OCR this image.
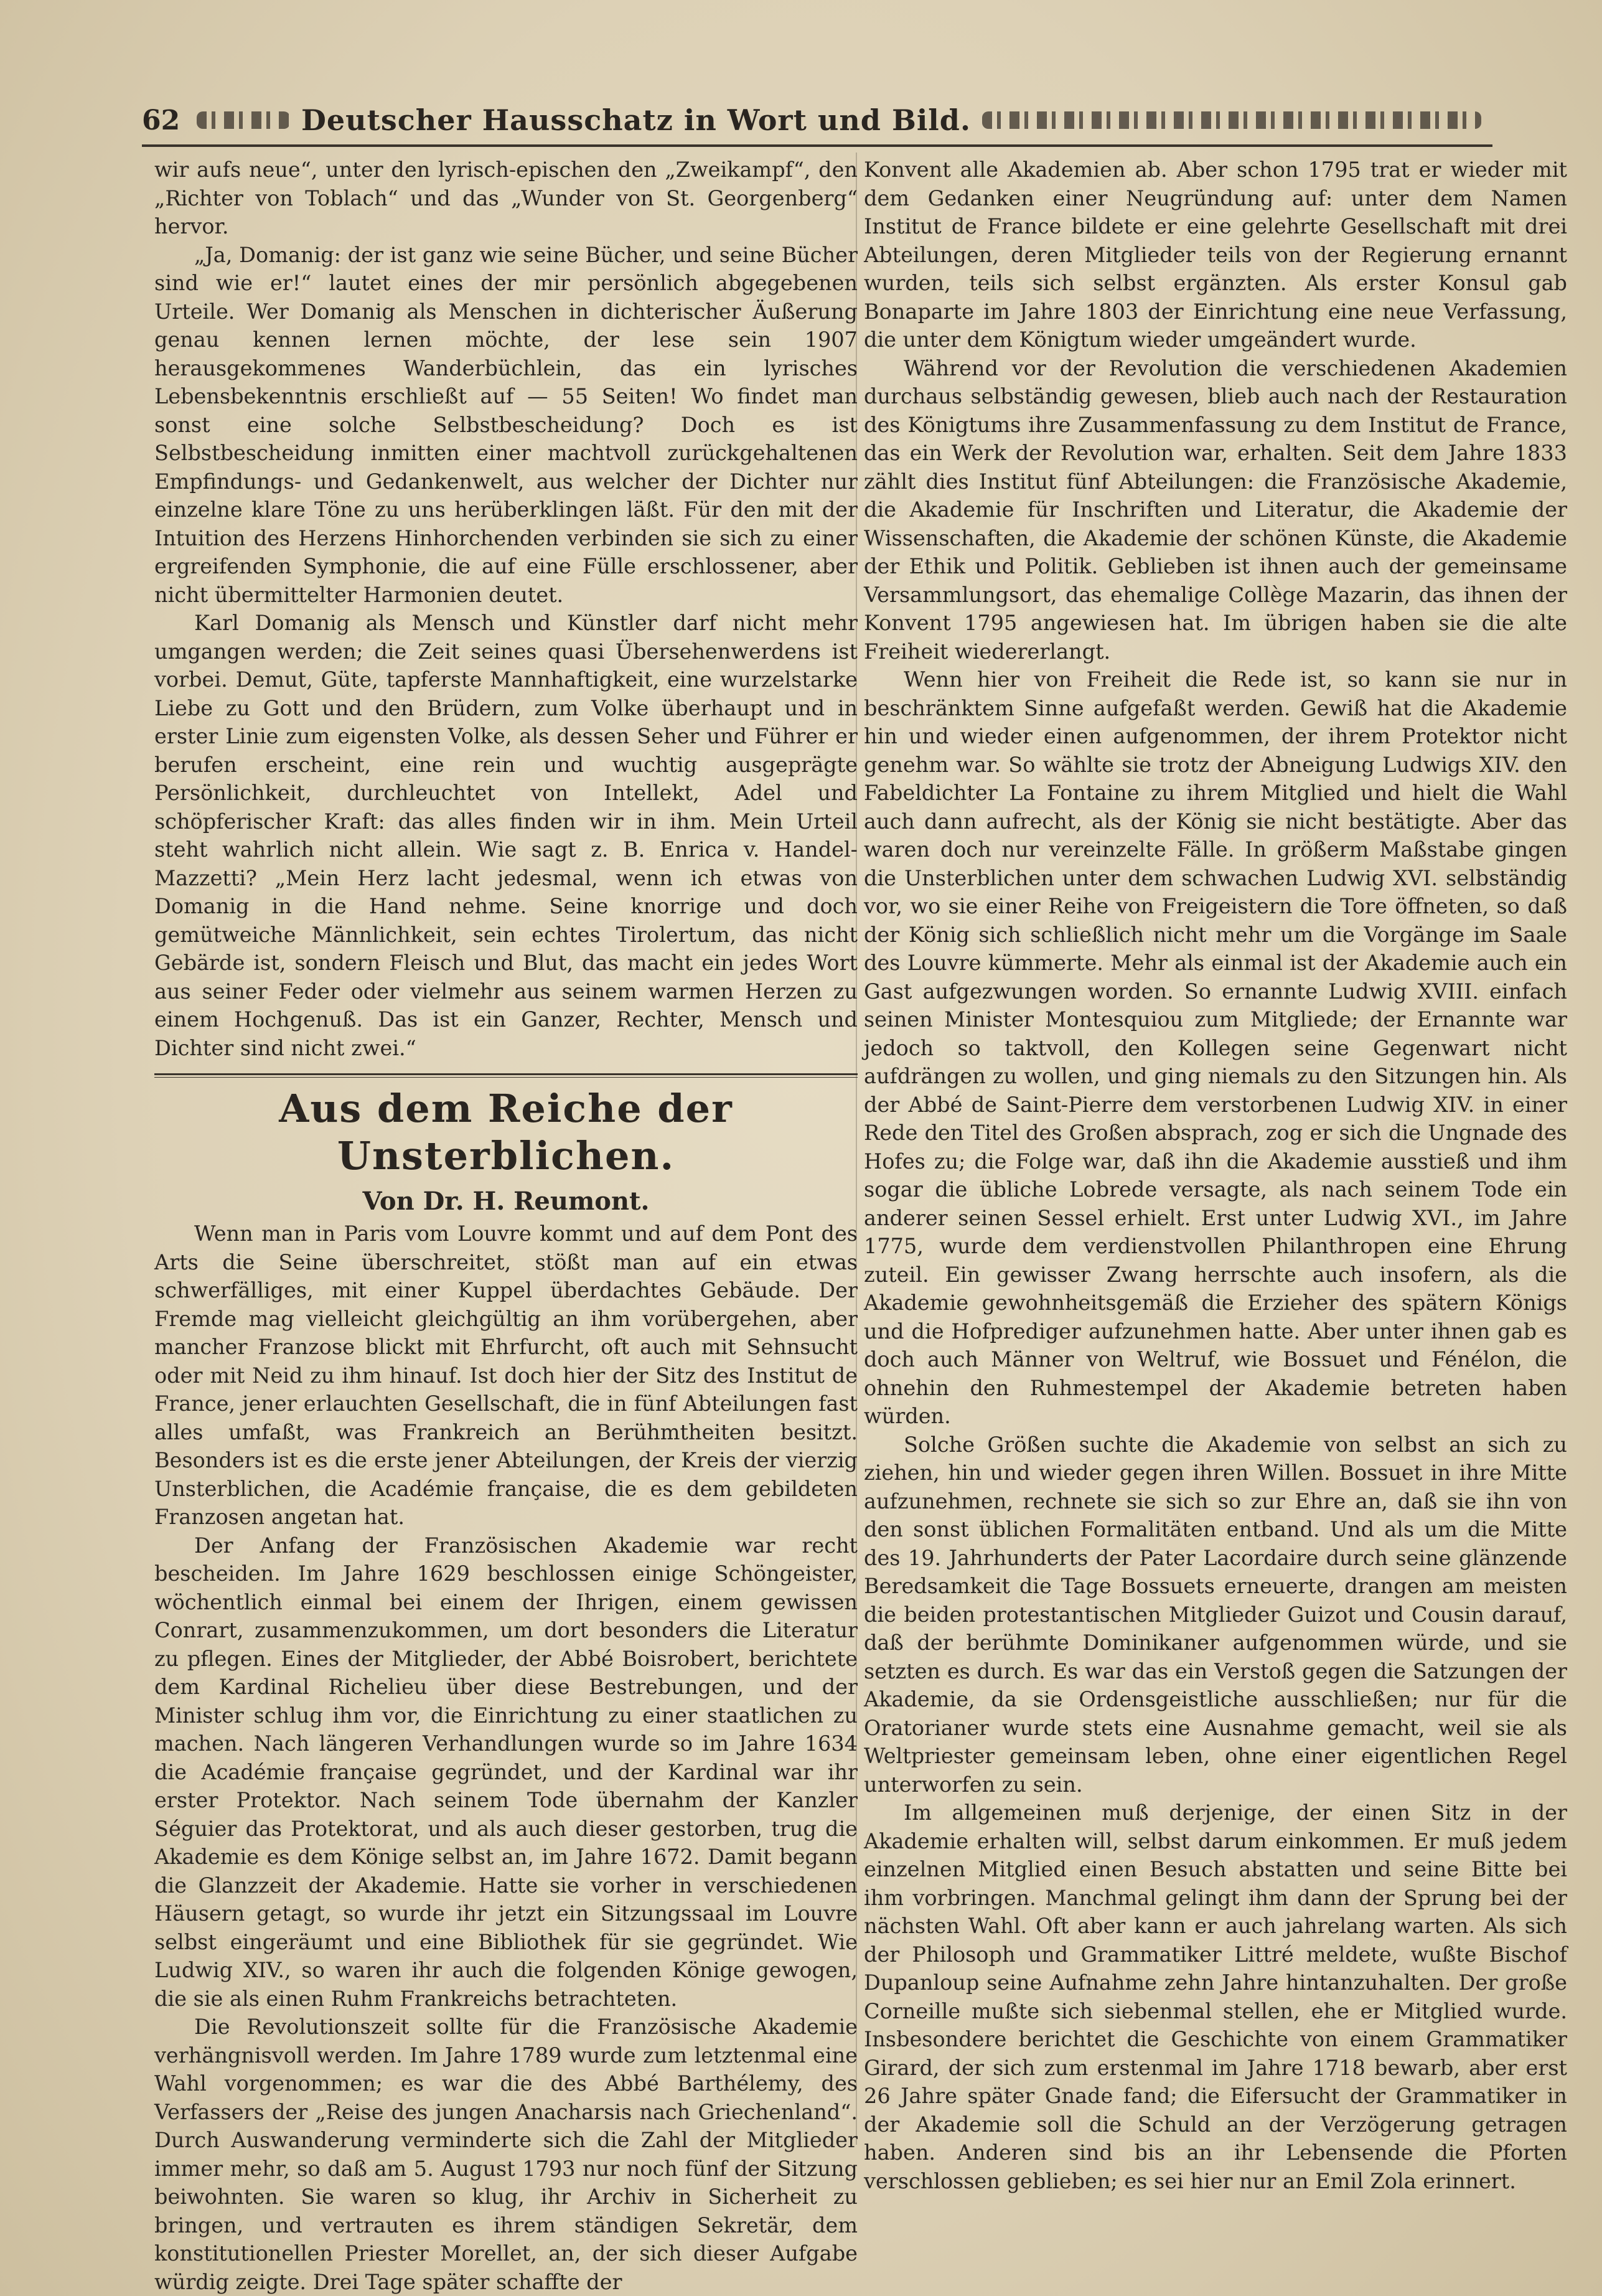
62	Deutscher Hausschatz in Wort und Bild.

wir aufs neue“, unter den lyrisch-epischen den „Zweikampf“, den „Richter von Toblach“ und das „Wunder von St. Georgenberg“ hervor.

„Ja, Domanig: der ist ganz wie seine Bücher, und seine Bücher sind wie er!“ lautet eines der mir persönlich abgegebenen Urteile. Wer Domanig als Menschen in dichterischer Äußerung genau kennen lernen möchte, der lese sein 1907 herausgekommenes Wanderbüchlein, das ein lyrisches Lebensbekenntnis erschließt auf — 55 Seiten! Wo findet man sonst eine solche Selbstbescheidung? Doch es ist Selbstbescheidung inmitten einer machtvoll zurückgehaltenen Empfindungs- und Gedankenwelt, aus welcher der Dichter nur einzelne klare Töne zu uns herüberklingen läßt. Für den mit der Intuition des Herzens Hinhorchenden verbinden sie sich zu einer ergreifenden Symphonie, die auf eine Fülle erschlossener, aber nicht übermittelter Harmonien deutet.

Karl Domanig als Mensch und Künstler darf nicht mehr umgangen werden; die Zeit seines quasi Übersehenwerdens ist vorbei. Demut, Güte, tapferste Mannhaftigkeit, eine wurzelstarke Liebe zu Gott und den Brüdern, zum Volke überhaupt und in erster Linie zum eigensten Volke, als dessen Seher und Führer er berufen erscheint, eine rein und wuchtig ausgeprägte Persönlichkeit, durchleuchtet von Intellekt, Adel und schöpferischer Kraft: das alles finden wir in ihm. Mein Urteil steht wahrlich nicht allein. Wie sagt z. B. Enrica v. Handel-Mazzetti? „Mein Herz lacht jedesmal, wenn ich etwas von Domanig in die Hand nehme. Seine knorrige und doch gemütweiche Männlichkeit, sein echtes Tirolertum, das nicht Gebärde ist, sondern Fleisch und Blut, das macht ein jedes Wort aus seiner Feder oder vielmehr aus seinem warmen Herzen zu einem Hochgenuß. Das ist ein Ganzer, Rechter, Mensch und Dichter sind nicht zwei.“

Aus dem Reiche der Unsterblichen.
Von Dr. H. Reumont.

Wenn man in Paris vom Louvre kommt und auf dem Pont des Arts die Seine überschreitet, stößt man auf ein etwas schwerfälliges, mit einer Kuppel überdachtes Gebäude. Der Fremde mag vielleicht gleichgültig an ihm vorübergehen, aber mancher Franzose blickt mit Ehrfurcht, oft auch mit Sehnsucht oder mit Neid zu ihm hinauf. Ist doch hier der Sitz des Institut de France, jener erlauchten Gesellschaft, die in fünf Abteilungen fast alles umfaßt, was Frankreich an Berühmtheiten besitzt. Besonders ist es die erste jener Abteilungen, der Kreis der vierzig Unsterblichen, die Académie française, die es dem gebildeten Franzosen angetan hat.

Der Anfang der Französischen Akademie war recht bescheiden. Im Jahre 1629 beschlossen einige Schöngeister, wöchentlich einmal bei einem der Ihrigen, einem gewissen Conrart, zusammenzukommen, um dort besonders die Literatur zu pflegen. Eines der Mitglieder, der Abbé Boisrobert, berichtete dem Kardinal Richelieu über diese Bestrebungen, und der Minister schlug ihm vor, die Einrichtung zu einer staatlichen zu machen. Nach längeren Verhandlungen wurde so im Jahre 1634 die Académie française gegründet, und der Kardinal war ihr erster Protektor. Nach seinem Tode übernahm der Kanzler Séguier das Protektorat, und als auch dieser gestorben, trug die Akademie es dem Könige selbst an, im Jahre 1672. Damit begann die Glanzzeit der Akademie. Hatte sie vorher in verschiedenen Häusern getagt, so wurde ihr jetzt ein Sitzungssaal im Louvre selbst eingeräumt und eine Bibliothek für sie gegründet. Wie Ludwig XIV., so waren ihr auch die folgenden Könige gewogen, die sie als einen Ruhm Frankreichs betrachteten.

Die Revolutionszeit sollte für die Französische Akademie verhängnisvoll werden. Im Jahre 1789 wurde zum letztenmal eine Wahl vorgenommen; es war die des Abbé Barthélemy, des Verfassers der „Reise des jungen Anacharsis nach Griechenland“. Durch Auswanderung verminderte sich die Zahl der Mitglieder immer mehr, so daß am 5. August 1793 nur noch fünf der Sitzung beiwohnten. Sie waren so klug, ihr Archiv in Sicherheit zu bringen, und vertrauten es ihrem ständigen Sekretär, dem konstitutionellen Priester Morellet, an, der sich dieser Aufgabe würdig zeigte. Drei Tage später schaffte der

Konvent alle Akademien ab. Aber schon 1795 trat er wieder mit dem Gedanken einer Neugründung auf: unter dem Namen Institut de France bildete er eine gelehrte Gesellschaft mit drei Abteilungen, deren Mitglieder teils von der Regierung ernannt wurden, teils sich selbst ergänzten. Als erster Konsul gab Bonaparte im Jahre 1803 der Einrichtung eine neue Verfassung, die unter dem Königtum wieder umgeändert wurde.

Während vor der Revolution die verschiedenen Akademien durchaus selbständig gewesen, blieb auch nach der Restauration des Königtums ihre Zusammenfassung zu dem Institut de France, das ein Werk der Revolution war, erhalten. Seit dem Jahre 1833 zählt dies Institut fünf Abteilungen: die Französische Akademie, die Akademie für Inschriften und Literatur, die Akademie der Wissenschaften, die Akademie der schönen Künste, die Akademie der Ethik und Politik. Geblieben ist ihnen auch der gemeinsame Versammlungsort, das ehemalige Collège Mazarin, das ihnen der Konvent 1795 angewiesen hat. Im übrigen haben sie die alte Freiheit wiedererlangt.

Wenn hier von Freiheit die Rede ist, so kann sie nur in beschränktem Sinne aufgefaßt werden. Gewiß hat die Akademie hin und wieder einen aufgenommen, der ihrem Protektor nicht genehm war. So wählte sie trotz der Abneigung Ludwigs XIV. den Fabeldichter La Fontaine zu ihrem Mitglied und hielt die Wahl auch dann aufrecht, als der König sie nicht bestätigte. Aber das waren doch nur vereinzelte Fälle. In größerm Maßstabe gingen die Unsterblichen unter dem schwachen Ludwig XVI. selbständig vor, wo sie einer Reihe von Freigeistern die Tore öffneten, so daß der König sich schließlich nicht mehr um die Vorgänge im Saale des Louvre kümmerte. Mehr als einmal ist der Akademie auch ein Gast aufgezwungen worden. So ernannte Ludwig XVIII. einfach seinen Minister Montesquiou zum Mitgliede; der Ernannte war jedoch so taktvoll, den Kollegen seine Gegenwart nicht aufdrängen zu wollen, und ging niemals zu den Sitzungen hin. Als der Abbé de Saint-Pierre dem verstorbenen Ludwig XIV. in einer Rede den Titel des Großen absprach, zog er sich die Ungnade des Hofes zu; die Folge war, daß ihn die Akademie ausstieß und ihm sogar die übliche Lobrede versagte, als nach seinem Tode ein anderer seinen Sessel erhielt. Erst unter Ludwig XVI., im Jahre 1775, wurde dem verdienstvollen Philanthropen eine Ehrung zuteil. Ein gewisser Zwang herrschte auch insofern, als die Akademie gewohnheitsgemäß die Erzieher des spätern Königs und die Hofprediger aufzunehmen hatte. Aber unter ihnen gab es doch auch Männer von Weltruf, wie Bossuet und Fénélon, die ohnehin den Ruhmestempel der Akademie betreten haben würden.

Solche Größen suchte die Akademie von selbst an sich zu ziehen, hin und wieder gegen ihren Willen. Bossuet in ihre Mitte aufzunehmen, rechnete sie sich so zur Ehre an, daß sie ihn von den sonst üblichen Formalitäten entband. Und als um die Mitte des 19. Jahrhunderts der Pater Lacordaire durch seine glänzende Beredsamkeit die Tage Bossuets erneuerte, drangen am meisten die beiden protestantischen Mitglieder Guizot und Cousin darauf, daß der berühmte Dominikaner aufgenommen würde, und sie setzten es durch. Es war das ein Verstoß gegen die Satzungen der Akademie, da sie Ordensgeistliche ausschließen; nur für die Oratorianer wurde stets eine Ausnahme gemacht, weil sie als Weltpriester gemeinsam leben, ohne einer eigentlichen Regel unterworfen zu sein.

Im allgemeinen muß derjenige, der einen Sitz in der Akademie erhalten will, selbst darum einkommen. Er muß jedem einzelnen Mitglied einen Besuch abstatten und seine Bitte bei ihm vorbringen. Manchmal gelingt ihm dann der Sprung bei der nächsten Wahl. Oft aber kann er auch jahrelang warten. Als sich der Philosoph und Grammatiker Littré meldete, wußte Bischof Dupanloup seine Aufnahme zehn Jahre hintanzuhalten. Der große Corneille mußte sich siebenmal stellen, ehe er Mitglied wurde. Insbesondere berichtet die Geschichte von einem Grammatiker Girard, der sich zum erstenmal im Jahre 1718 bewarb, aber erst 26 Jahre später Gnade fand; die Eifersucht der Grammatiker in der Akademie soll die Schuld an der Verzögerung getragen haben. Anderen sind bis an ihr Lebensende die Pforten verschlossen geblieben; es sei hier nur an Emil Zola erinnert.
